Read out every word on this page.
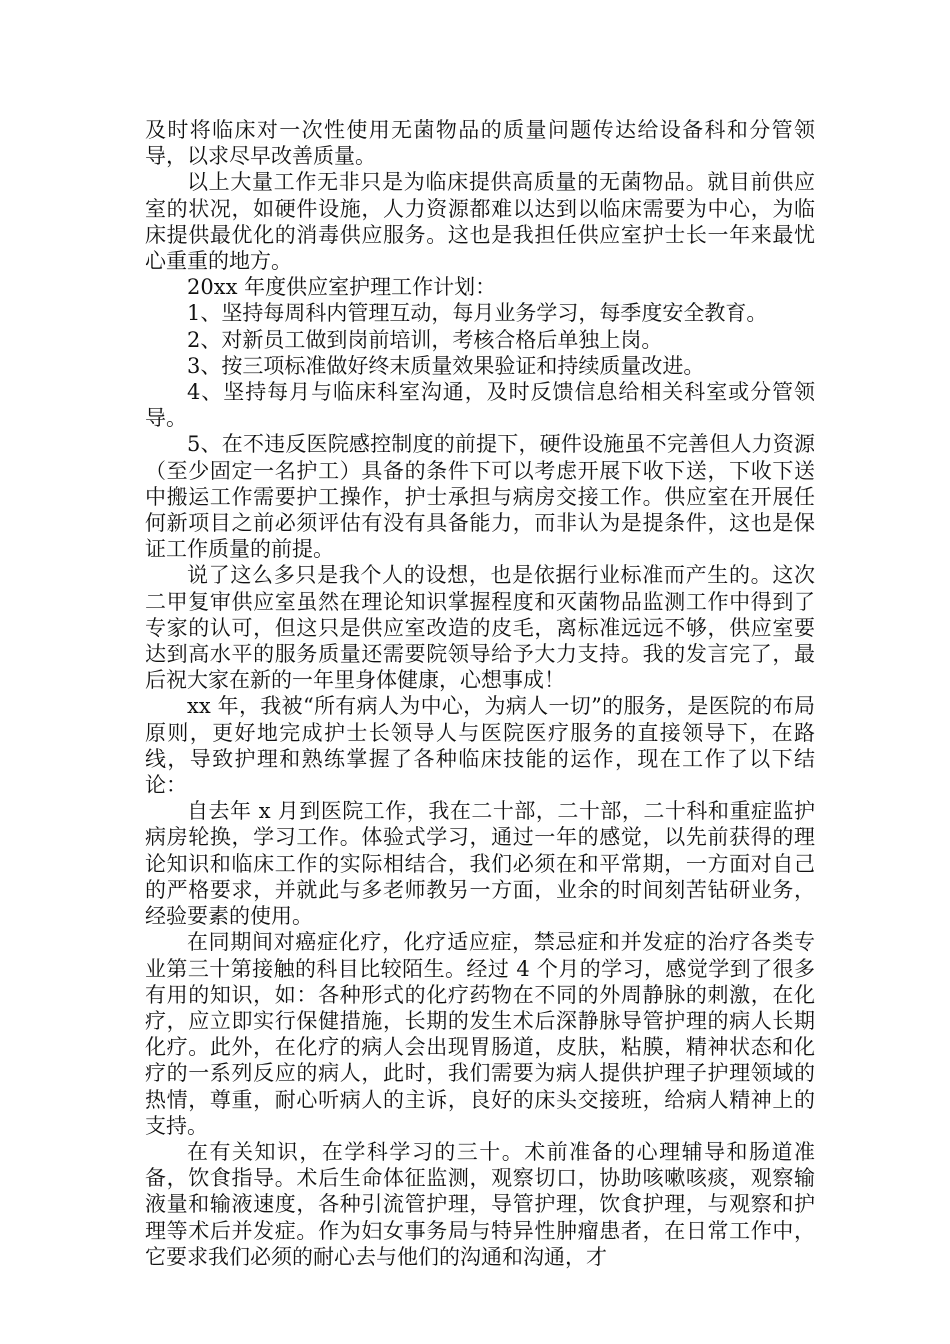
及时将临床对一次性使用无菌物品的质量问题传达给设备科和分管领导，以求尽早改善质量。

以上大量工作无非只是为临床提供高质量的无菌物品。就目前供应室的状况，如硬件设施，人力资源都难以达到以临床需要为中心，为临床提供最优化的消毒供应服务。这也是我担任供应室护士长一年来最忧心重重的地方。

20xx 年度供应室护理工作计划：

1、坚持每周科内管理互动，每月业务学习，每季度安全教育。

2、对新员工做到岗前培训，考核合格后单独上岗。

3、按三项标准做好终末质量效果验证和持续质量改进。

4、坚持每月与临床科室沟通，及时反馈信息给相关科室或分管领导。

5、在不违反医院感控制度的前提下，硬件设施虽不完善但人力资源（至少固定一名护工）具备的条件下可以考虑开展下收下送，下收下送中搬运工作需要护工操作，护士承担与病房交接工作。供应室在开展任何新项目之前必须评估有没有具备能力，而非认为是提条件，这也是保证工作质量的前提。

说了这么多只是我个人的设想，也是依据行业标准而产生的。这次二甲复审供应室虽然在理论知识掌握程度和灭菌物品监测工作中得到了专家的认可，但这只是供应室改造的皮毛，离标准远远不够，供应室要达到高水平的服务质量还需要院领导给予大力支持。我的发言完了，最后祝大家在新的一年里身体健康，心想事成！

xx 年，我被“所有病人为中心，为病人一切”的服务，是医院的布局原则，更好地完成护士长领导人与医院医疗服务的直接领导下，在路线，导致护理和熟练掌握了各种临床技能的运作，现在工作了以下结论：

自去年 x 月到医院工作，我在二十部，二十部，二十科和重症监护病房轮换，学习工作。体验式学习，通过一年的感觉，以先前获得的理论知识和临床工作的实际相结合，我们必须在和平常期，一方面对自己的严格要求，并就此与多老师教另一方面，业余的时间刻苦钻研业务，经验要素的使用。

在同期间对癌症化疗，化疗适应症，禁忌症和并发症的治疗各类专业第三十第接触的科目比较陌生。经过 4 个月的学习，感觉学到了很多有用的知识，如：各种形式的化疗药物在不同的外周静脉的刺激，在化疗，应立即实行保健措施，长期的发生术后深静脉导管护理的病人长期化疗。此外，在化疗的病人会出现胃肠道，皮肤，粘膜，精神状态和化疗的一系列反应的病人，此时，我们需要为病人提供护理子护理领域的热情，尊重，耐心听病人的主诉，良好的床头交接班，给病人精神上的支持。

在有关知识，在学科学习的三十。术前准备的心理辅导和肠道准备，饮食指导。术后生命体征监测，观察切口，协助咳嗽咳痰，观察输液量和输液速度，各种引流管护理，导管护理，饮食护理，与观察和护理等术后并发症。作为妇女事务局与特异性肿瘤患者，在日常工作中，它要求我们必须的耐心去与他们的沟通和沟通，才
